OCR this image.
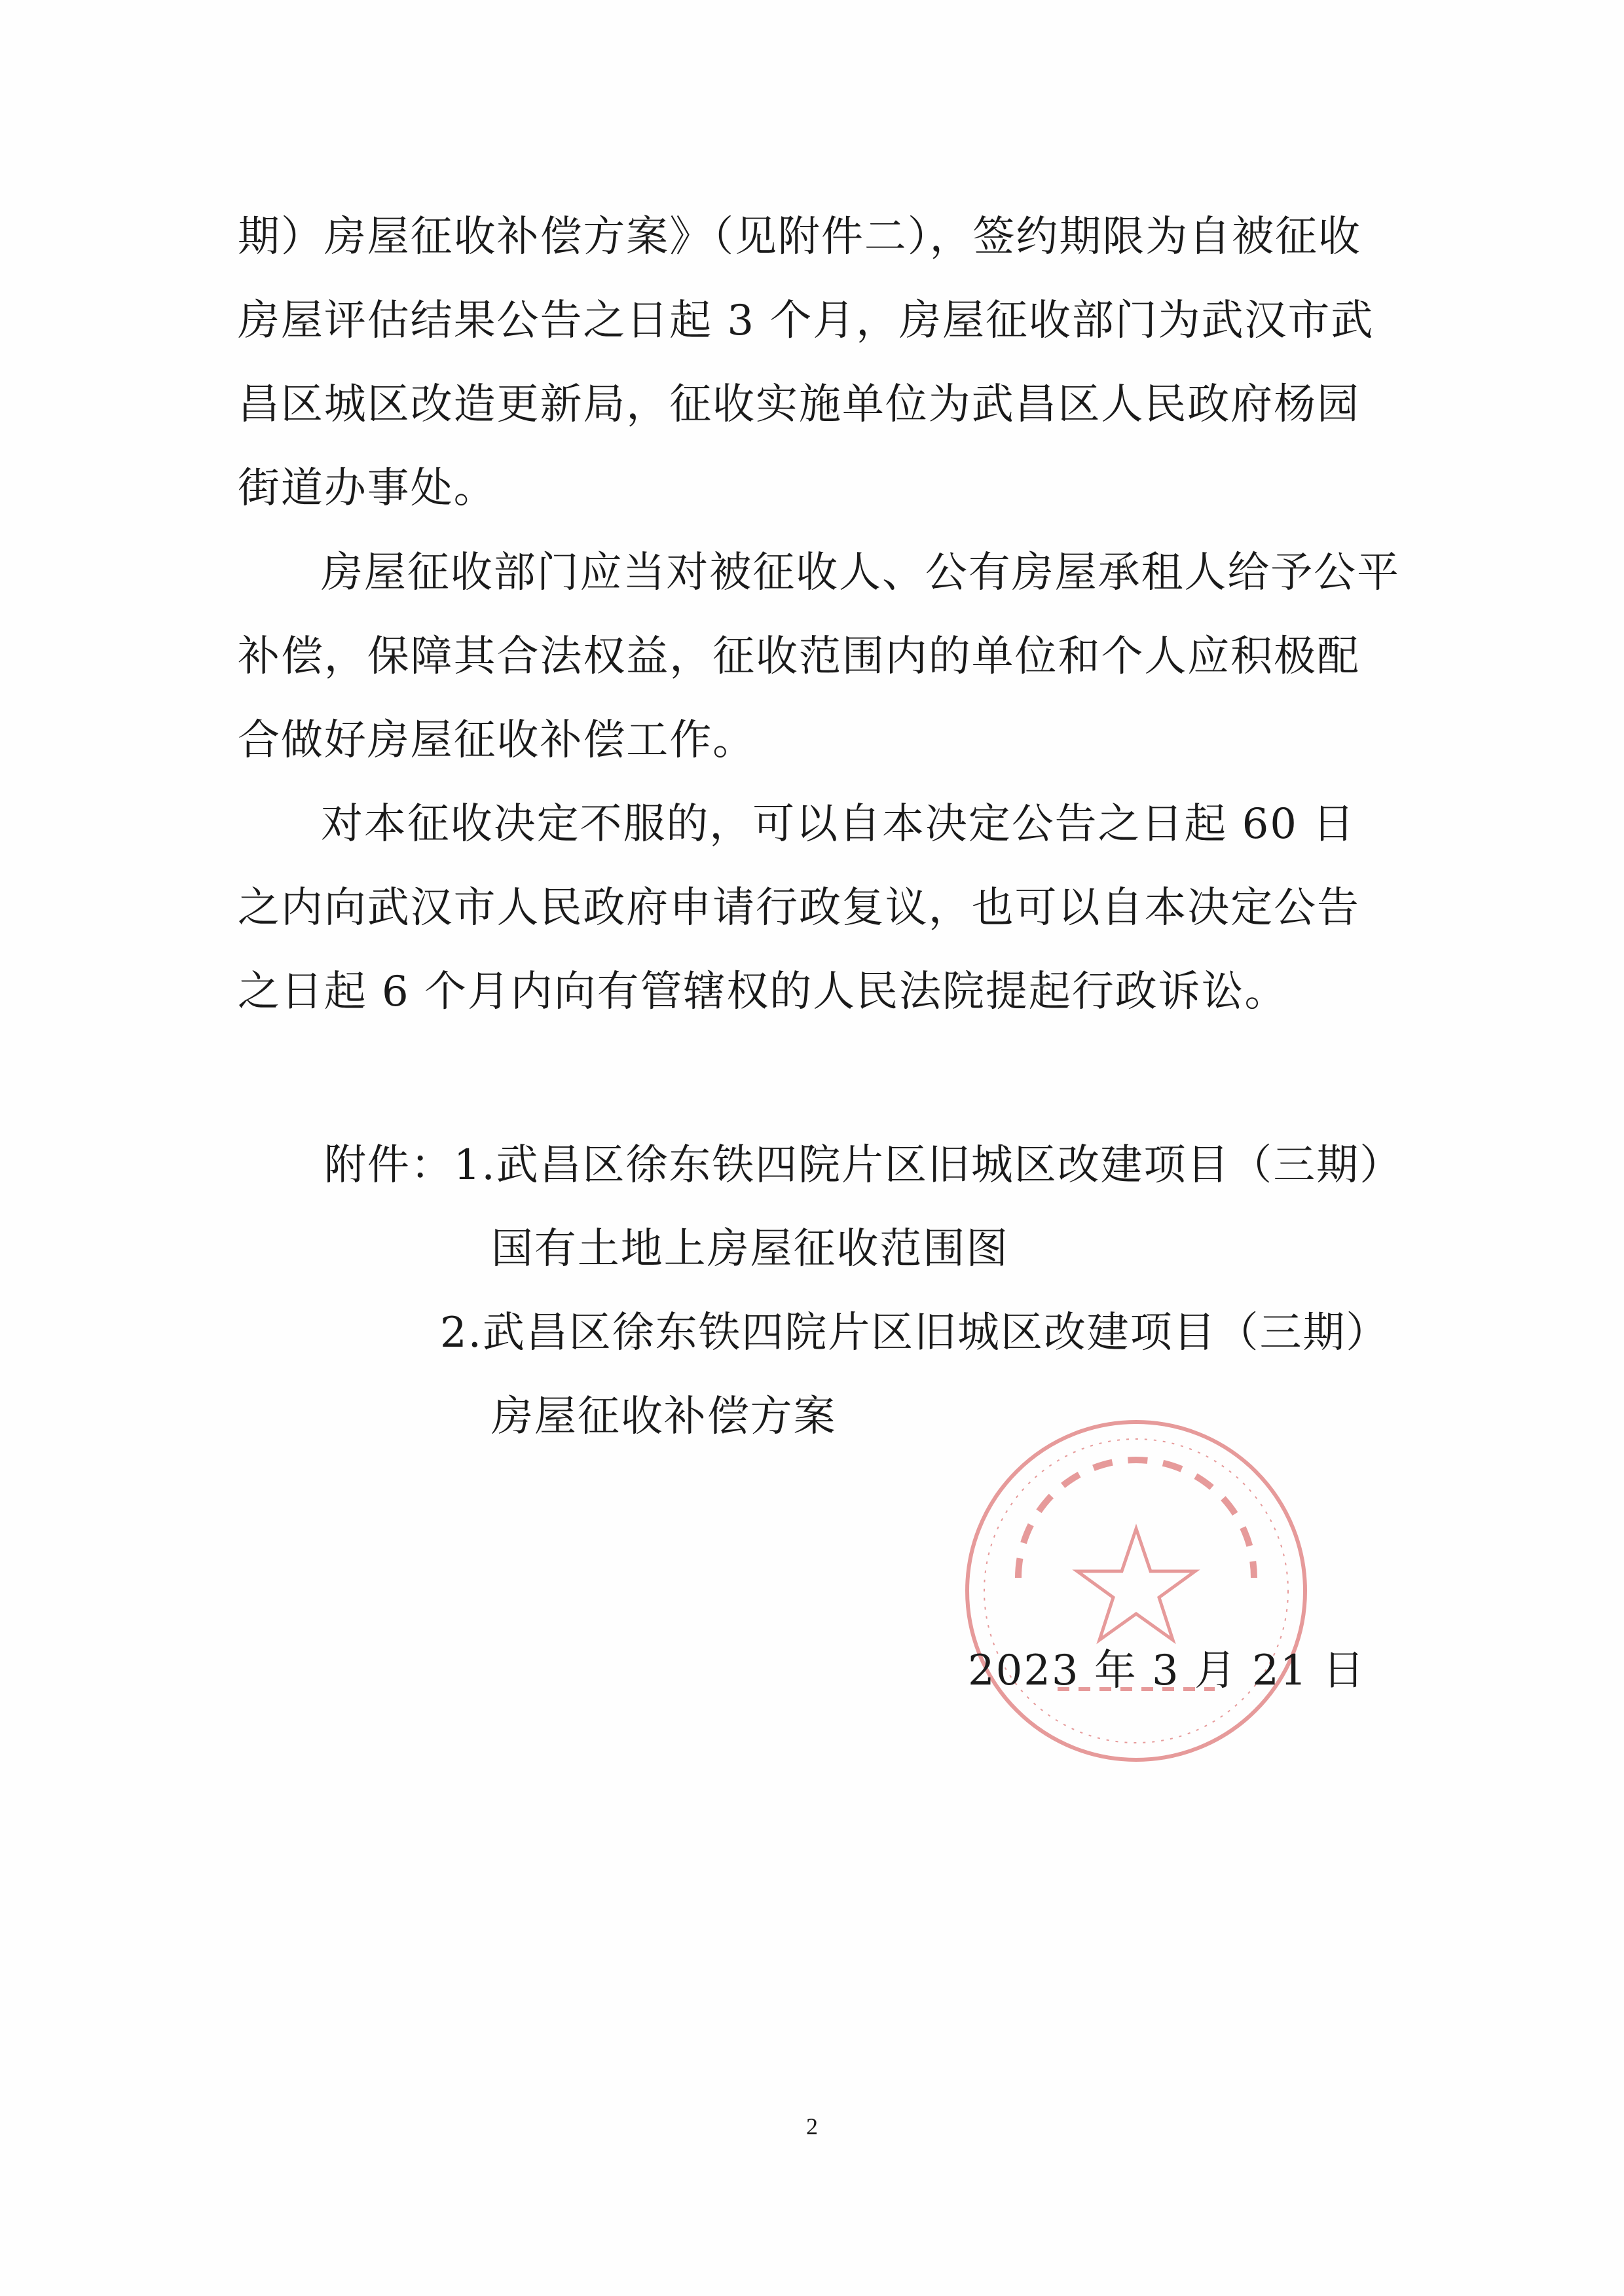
期）房屋征收补偿方案》（见附件二），签约期限为自被征收
房屋评估结果公告之日起 3 个月，房屋征收部门为武汉市武
昌区城区改造更新局，征收实施单位为武昌区人民政府杨园
街道办事处。
房屋征收部门应当对被征收人、公有房屋承租人给予公平
补偿，保障其合法权益，征收范围内的单位和个人应积极配
合做好房屋征收补偿工作。
对本征收决定不服的，可以自本决定公告之日起 60 日
之内向武汉市人民政府申请行政复议，也可以自本决定公告
之日起 6 个月内向有管辖权的人民法院提起行政诉讼。
附件：1.武昌区徐东铁四院片区旧城区改建项目（三期）
国有土地上房屋征收范围图
2.武昌区徐东铁四院片区旧城区改建项目（三期）
房屋征收补偿方案
2023 年 3 月 21 日
2
